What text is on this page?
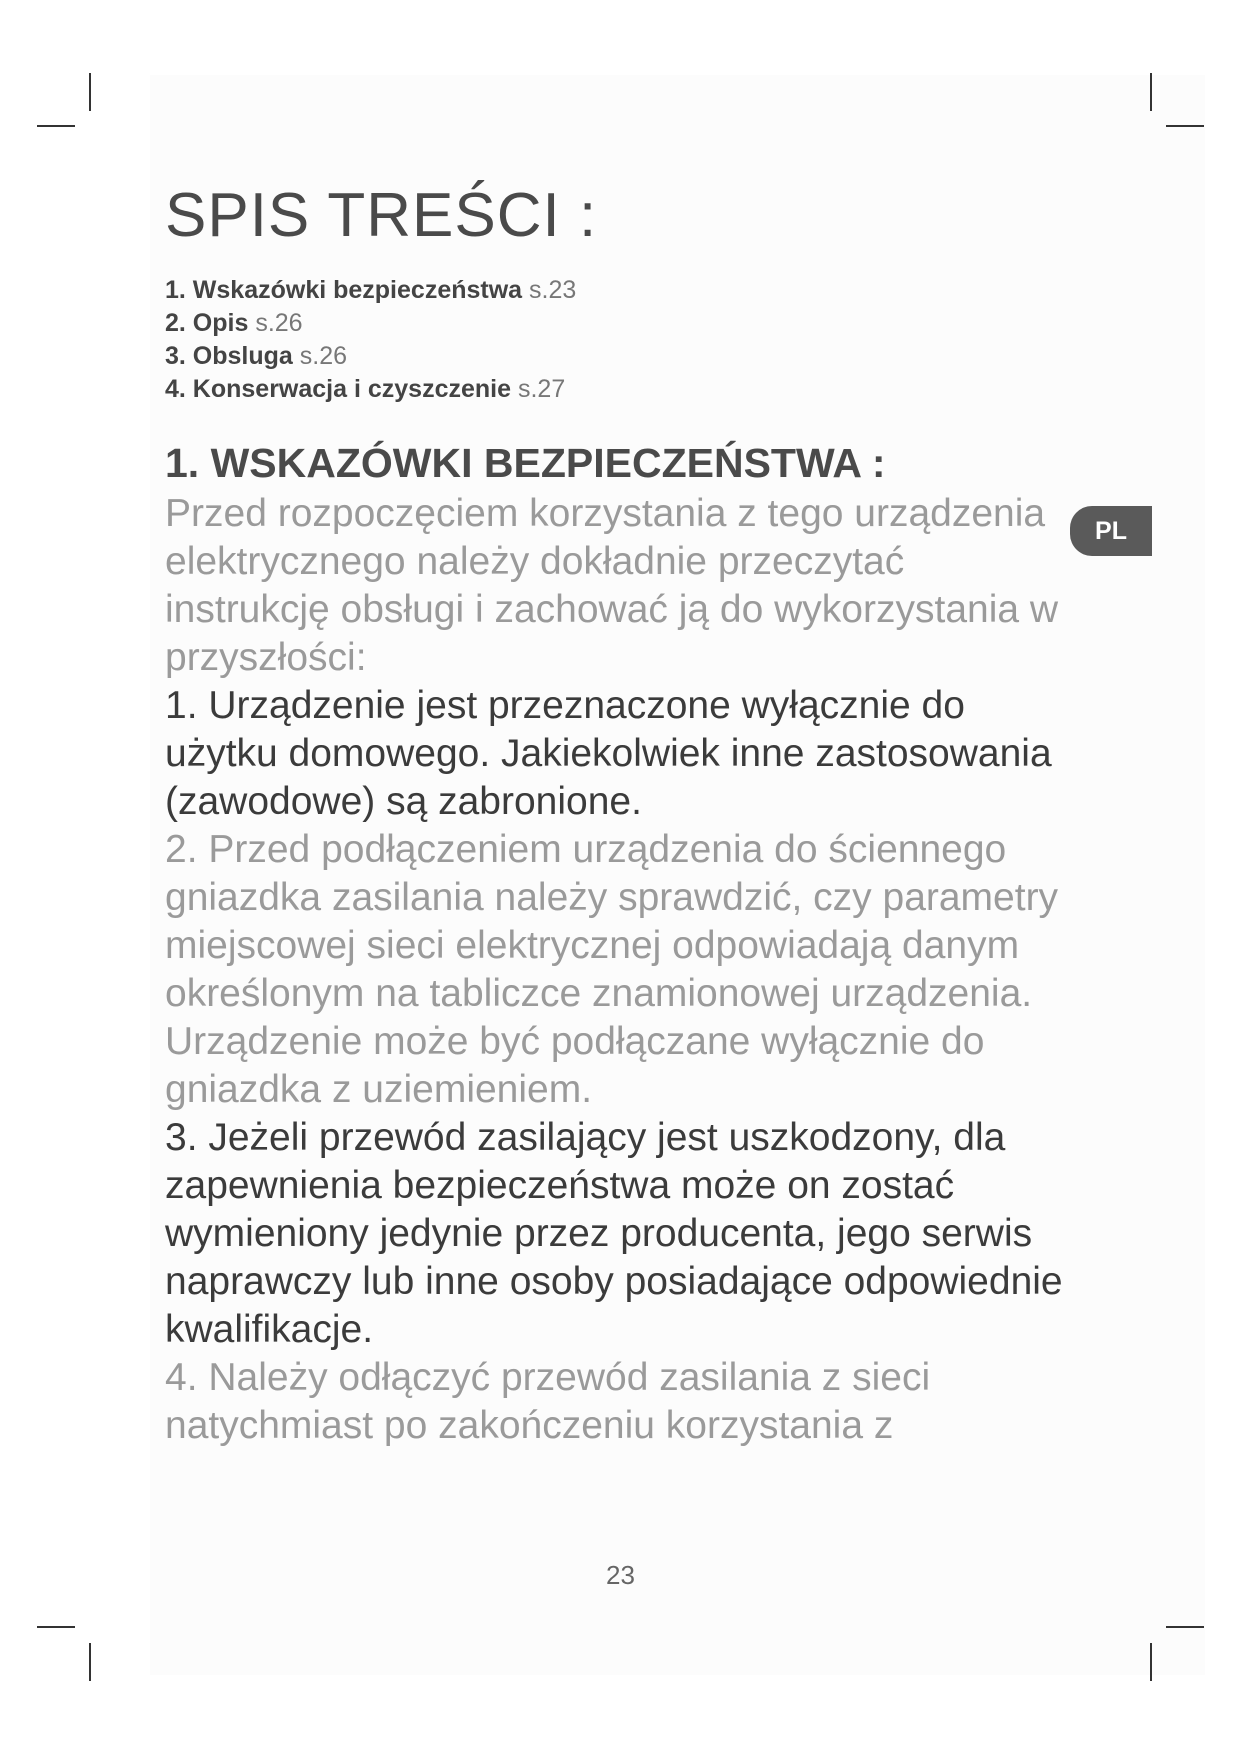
SPIS TREŚCI :
1. Wskazówki bezpieczeństwa s.23
2. Opis s.26
3. Obsluga s.26
4. Konserwacja i czyszczenie s.27
1. WSKAZÓWKI BEZPIECZEŃSTWA :

Przed rozpoczęciem korzystania z tego urządzenia elektrycznego należy dokładnie przeczytać instrukcję obsługi i zachować ją do wykorzystania w przyszłości:

1. Urządzenie jest przeznaczone wyłącznie do użytku domowego. Jakiekolwiek inne zastosowania (zawodowe) są zabronione.

2. Przed podłączeniem urządzenia do ściennego gniazdka zasilania należy sprawdzić, czy parametry miejscowej sieci elektrycznej odpowiadają danym określonym na tabliczce znamionowej urządzenia. Urządzenie może być podłączane wyłącznie do gniazdka z uziemieniem.

3. Jeżeli przewód zasilający jest uszkodzony, dla zapewnienia bezpieczeństwa może on zostać wymieniony jedynie przez producenta, jego serwis naprawczy lub inne osoby posiadające odpowiednie kwalifikacje.

4. Należy odłączyć przewód zasilania z sieci natychmiast po zakończeniu korzystania z

PL
23
